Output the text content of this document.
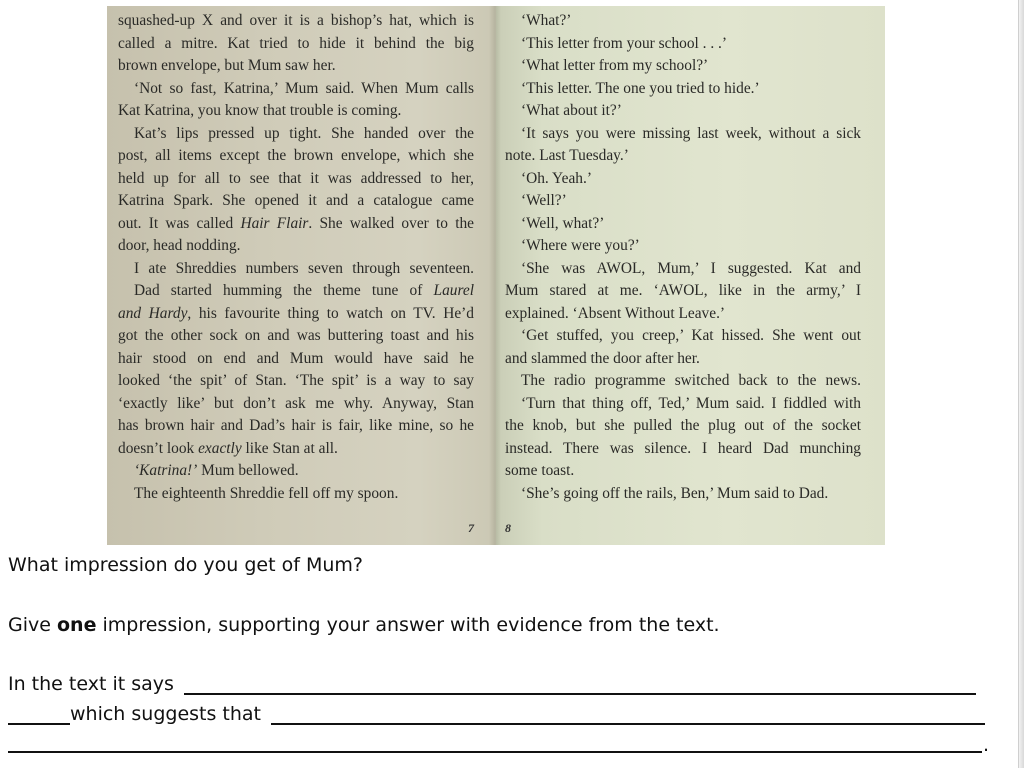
squashed-up X and over it is a bishop’s hat, which is
called a mitre. Kat tried to hide it behind the big
brown envelope, but Mum saw her.
‘Not so fast, Katrina,’ Mum said. When Mum calls
Kat Katrina, you know that trouble is coming.
Kat’s lips pressed up tight. She handed over the
post, all items except the brown envelope, which she
held up for all to see that it was addressed to her,
Katrina Spark. She opened it and a catalogue came
out. It was called Hair Flair. She walked over to the
door, head nodding.
I ate Shreddies numbers seven through seventeen.
Dad started humming the theme tune of Laurel
and Hardy, his favourite thing to watch on TV. He’d
got the other sock on and was buttering toast and his
hair stood on end and Mum would have said he
looked ‘the spit’ of Stan. ‘The spit’ is a way to say
‘exactly like’ but don’t ask me why. Anyway, Stan
has brown hair and Dad’s hair is fair, like mine, so he
doesn’t look exactly like Stan at all.
‘Katrina!’ Mum bellowed.
The eighteenth Shreddie fell off my spoon.
7
‘What?’
‘This letter from your school . . .’
‘What letter from my school?’
‘This letter. The one you tried to hide.’
‘What about it?’
‘It says you were missing last week, without a sick
note. Last Tuesday.’
‘Oh. Yeah.’
‘Well?’
‘Well, what?’
‘Where were you?’
‘She was AWOL, Mum,’ I suggested. Kat and
Mum stared at me. ‘AWOL, like in the army,’ I
explained. ‘Absent Without Leave.’
‘Get stuffed, you creep,’ Kat hissed. She went out
and slammed the door after her.
The radio programme switched back to the news.
‘Turn that thing off, Ted,’ Mum said. I fiddled with
the knob, but she pulled the plug out of the socket
instead. There was silence. I heard Dad munching
some toast.
‘She’s going off the rails, Ben,’ Mum said to Dad.
8
What impression do you get of Mum?
Give one impression, supporting your answer with evidence from the text.
In the text it says
which suggests that
.
